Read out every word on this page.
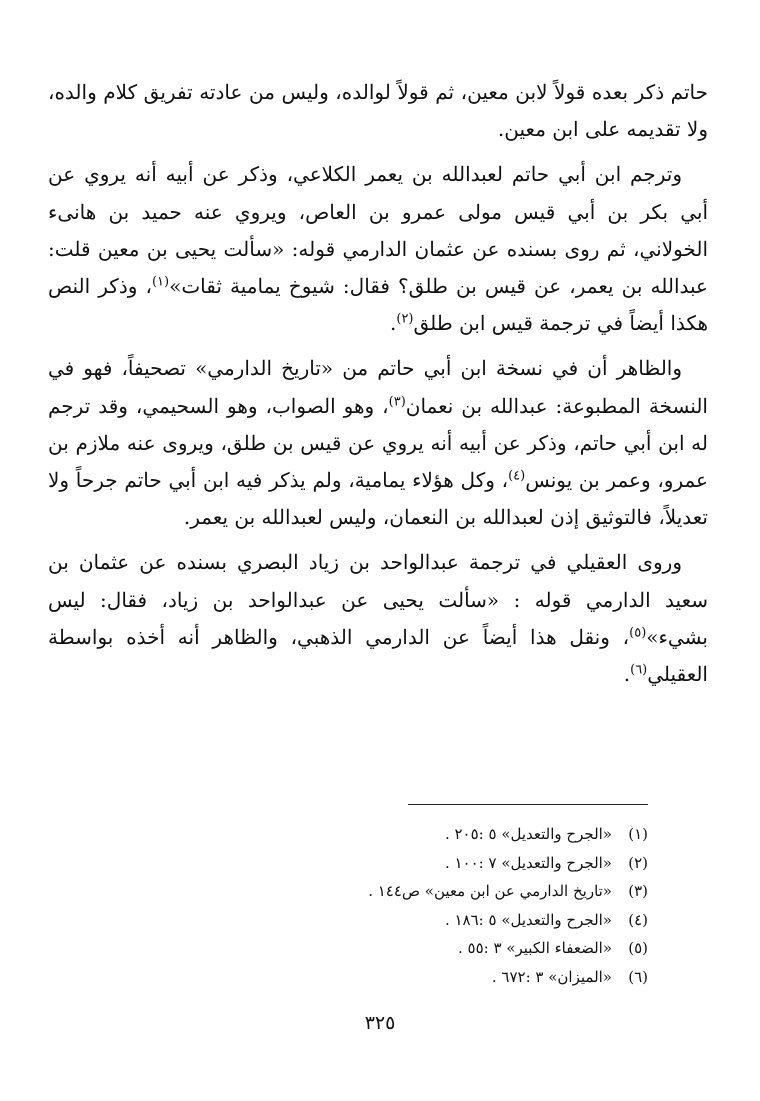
حاتم ذكر بعده قولاً لابن معين، ثم قولاً لوالده، وليس من عادته تفريق كلام والده، ولا تقديمه على ابن معين.

وترجم ابن أبي حاتم لعبدالله بن يعمر الكلاعي، وذكر عن أبيه أنه يروي عن أبي بكر بن أبي قيس مولى عمرو بن العاص، ويروي عنه حميد بن هانىء الخولاني، ثم روى بسنده عن عثمان الدارمي قوله: «سألت يحيى بن معين قلت: عبدالله بن يعمر، عن قيس بن طلق؟ فقال: شيوخ يمامية ثقات»$^{(١)}$، وذكر النص هكذا أيضاً في ترجمة قيس ابن طلق$^{(٢)}$.

والظاهر أن في نسخة ابن أبي حاتم من «تاريخ الدارمي» تصحيفاً، فهو في النسخة المطبوعة: عبدالله بن نعمان$^{(٣)}$، وهو الصواب، وهو السحيمي، وقد ترجم له ابن أبي حاتم، وذكر عن أبيه أنه يروي عن قيس بن طلق، ويروى عنه ملازم بن عمرو، وعمر بن يونس$^{(٤)}$، وكل هؤلاء يمامية، ولم يذكر فيه ابن أبي حاتم جرحاً ولا تعديلاً، فالتوثيق إذن لعبدالله بن النعمان، وليس لعبدالله بن يعمر.

وروى العقيلي في ترجمة عبدالواحد بن زياد البصري بسنده عن عثمان بن سعيد الدارمي قوله : «سألت يحيى عن عبدالواحد بن زياد، فقال: ليس بشيء»$^{(٥)}$، ونقل هذا أيضاً عن الدارمي الذهبي، والظاهر أنه أخذه بواسطة العقيلي$^{(٦)}$.

(١)
«الجرح والتعديل» ٥ :٢٠٥ .
(٢)
«الجرح والتعديل» ٧ :١٠٠ .
(٣)
«تاريخ الدارمي عن ابن معين» ص١٤٤ .
(٤)
«الجرح والتعديل» ٥ :١٨٦ .
(٥)
«الضعفاء الكبير» ٣ :٥٥ .
(٦)
«الميزان» ٣ :٦٧٢ .
٣٢٥
